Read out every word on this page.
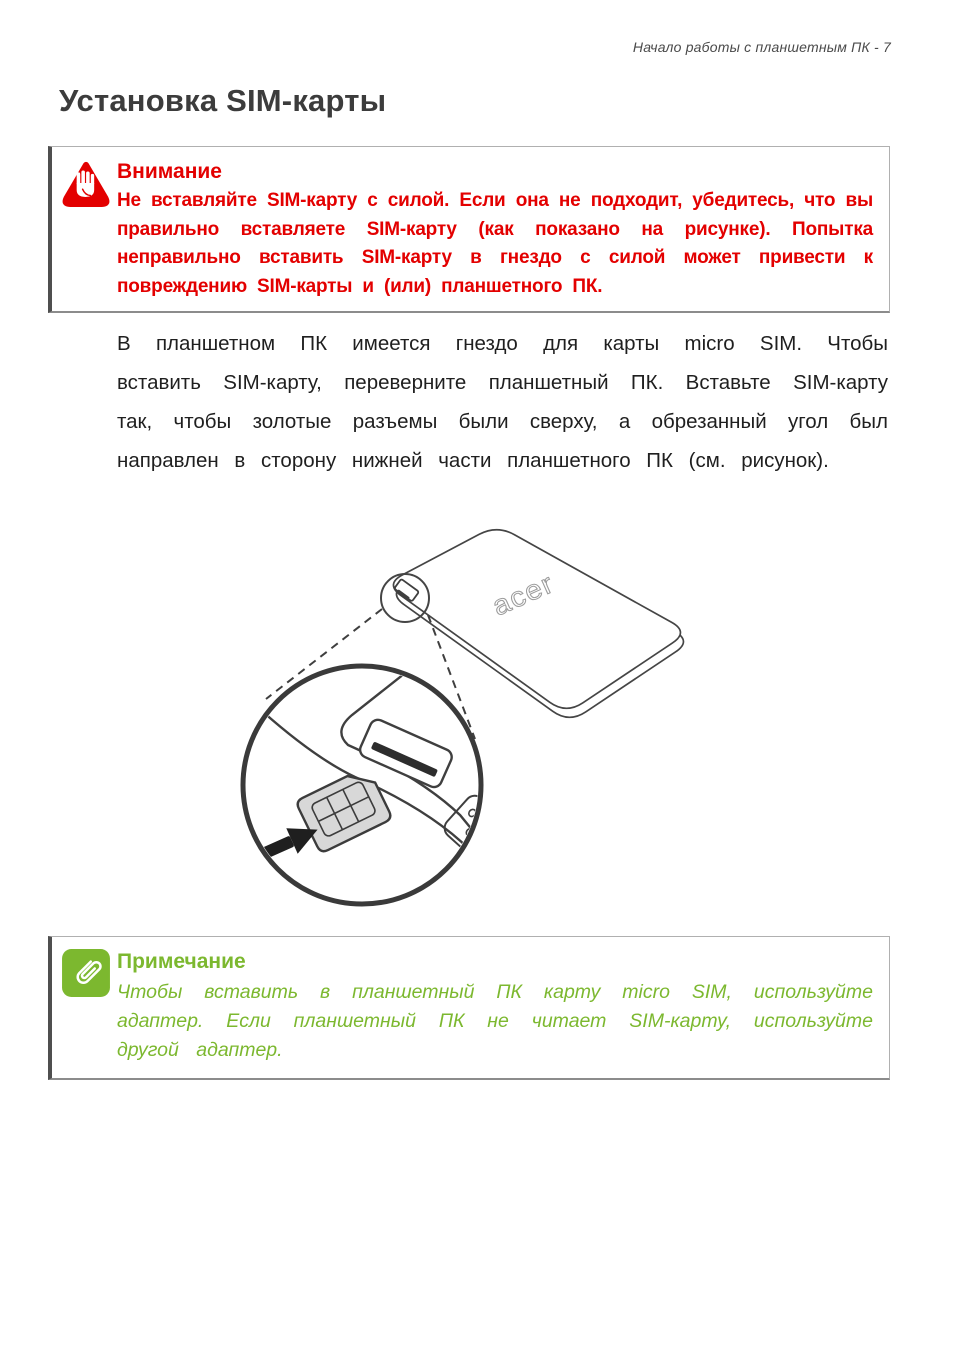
Начало работы с планшетным ПК - 7
Установка SIM-карты

Внимание

Не вставляйте SIM-карту с силой. Если она не подходит, убедитесь, что вы правильно вставляете SIM-карту (как показано на рисунке). Попытка неправильно вставить SIM-карту в гнездо с силой может привести к повреждению SIM-карты и (или) планшетного ПК.

В планшетном ПК имеется гнездо для карты micro SIM. Чтобы вставить SIM-карту, переверните планшетный ПК. Вставьте SIM-карту так, чтобы золотые разъемы были сверху, а обрезанный угол был направлен в сторону нижней части планшетного ПК (см. рисунок).

acer

Примечание

Чтобы вставить в планшетный ПК карту micro SIM, используйте адаптер. Если планшетный ПК не читает SIM-карту, используйте другой адаптер.
